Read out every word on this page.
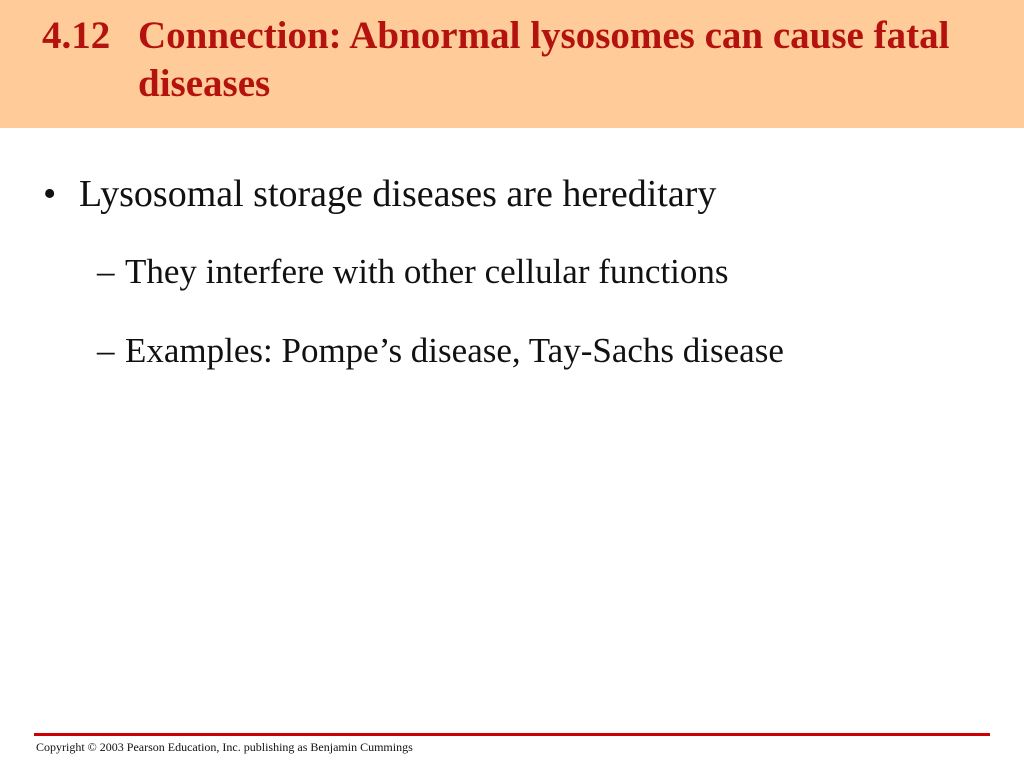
4.12 Connection: Abnormal lysosomes can cause fatal diseases
• Lysosomal storage diseases are hereditary
– They interfere with other cellular functions
– Examples: Pompe’s disease, Tay-Sachs disease
Copyright © 2003 Pearson Education, Inc. publishing as Benjamin Cummings
